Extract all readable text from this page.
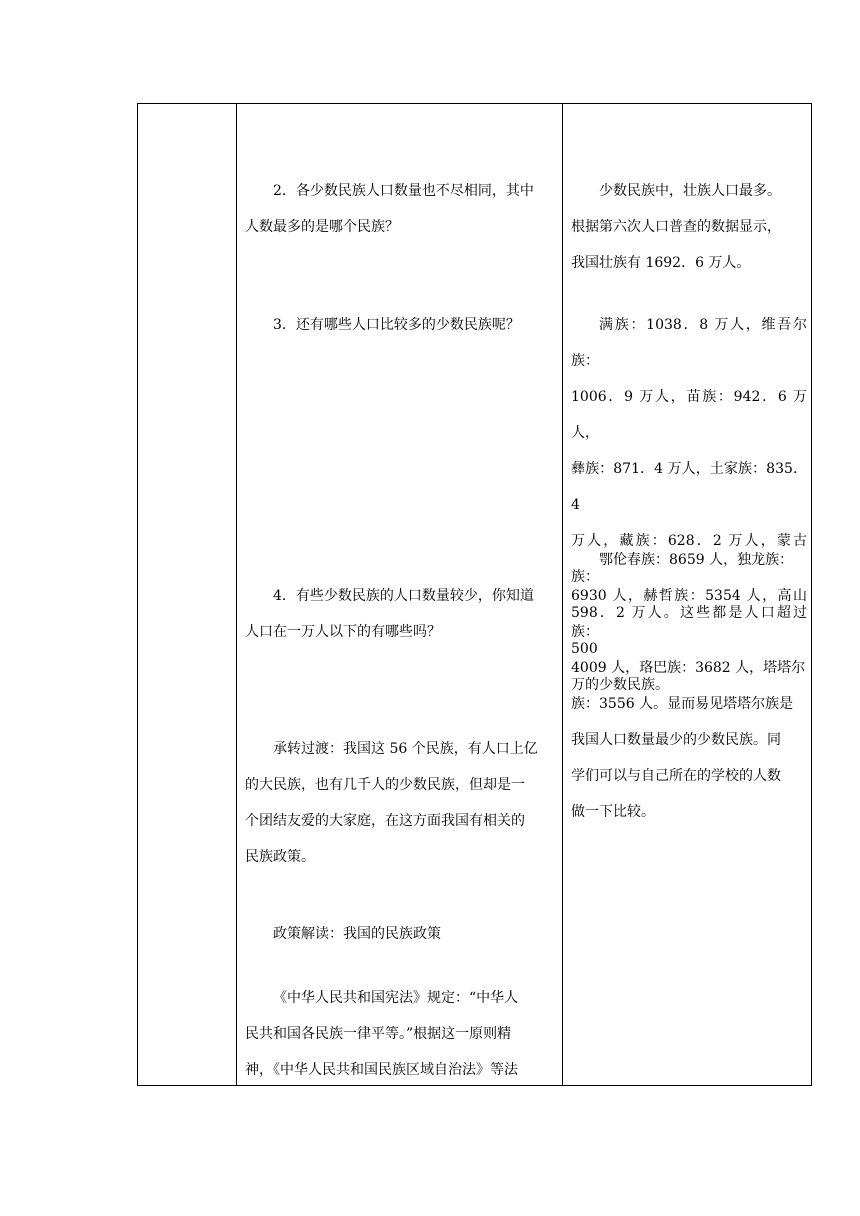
2．各少数民族人口数量也不尽相同，其中
人数最多的是哪个民族？
3．还有哪些人口比较多的少数民族呢？
4．有些少数民族的人口数量较少，你知道
人口在一万人以下的有哪些吗？
承转过渡：我国这 56 个民族，有人口上亿
的大民族，也有几千人的少数民族，但却是一
个团结友爱的大家庭，在这方面我国有相关的
民族政策。
政策解读：我国的民族政策
《中华人民共和国宪法》规定：“中华人
民共和国各民族一律平等。”根据这一原则精
神，《中华人民共和国民族区域自治法》等法
少数民族中，壮族人口最多。
根据第六次人口普查的数据显示，
我国壮族有 1692．6 万人。
满族：1038．8 万人，维吾尔族：
1006．9 万人，苗族：942．6 万人，
彝族：871．4 万人，土家族：835．4
万人，藏族：628．2 万人，蒙古族：
598．2 万人。这些都是人口超过 500
万的少数民族。
鄂伦春族：8659 人，独龙族：
6930 人，赫哲族：5354 人，高山族：
4009 人，珞巴族：3682 人，塔塔尔
族：3556 人。显而易见塔塔尔族是
我国人口数量最少的少数民族。同
学们可以与自己所在的学校的人数
做一下比较。
